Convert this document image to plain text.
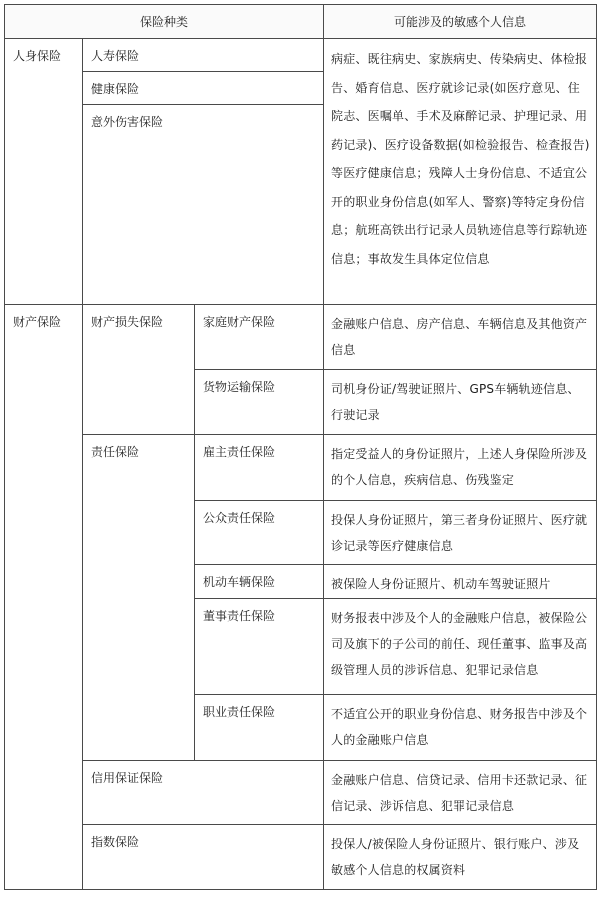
保险种类			可能涉及的敏感个人信息

人身保险	人寿保险		病症、既往病史、家族病史、传染病史、体检报告、婚育信息、医疗就诊记录(如医疗意见、住院志、医嘱单、手术及麻醉记录、护理记录、用药记录)、医疗设备数据(如检验报告、检查报告)等医疗健康信息；残障人士身份信息、不适宜公开的职业身份信息(如军人、警察)等特定身份信息；航班高铁出行记录人员轨迹信息等行踪轨迹信息；事故发生具体定位信息

	健康保险		

	意外伤害保险		

财产保险	财产损失保险	家庭财产保险	金融账户信息、房产信息、车辆信息及其他资产信息

		货物运输保险	司机身份证/驾驶证照片、GPS车辆轨迹信息、行驶记录

	责任保险	雇主责任保险	指定受益人的身份证照片，上述人身保险所涉及的个人信息，疾病信息、伤残鉴定

		公众责任保险	投保人身份证照片，第三者身份证照片、医疗就诊记录等医疗健康信息

		机动车辆保险	被保险人身份证照片、机动车驾驶证照片

		董事责任保险	财务报表中涉及个人的金融账户信息，被保险公司及旗下的子公司的前任、现任董事、监事及高级管理人员的涉诉信息、犯罪记录信息

		职业责任保险	不适宜公开的职业身份信息、财务报告中涉及个人的金融账户信息

	信用保证保险		金融账户信息、信贷记录、信用卡还款记录、征信记录、涉诉信息、犯罪记录信息

	指数保险		投保人/被保险人身份证照片、银行账户、涉及敏感个人信息的权属资料
